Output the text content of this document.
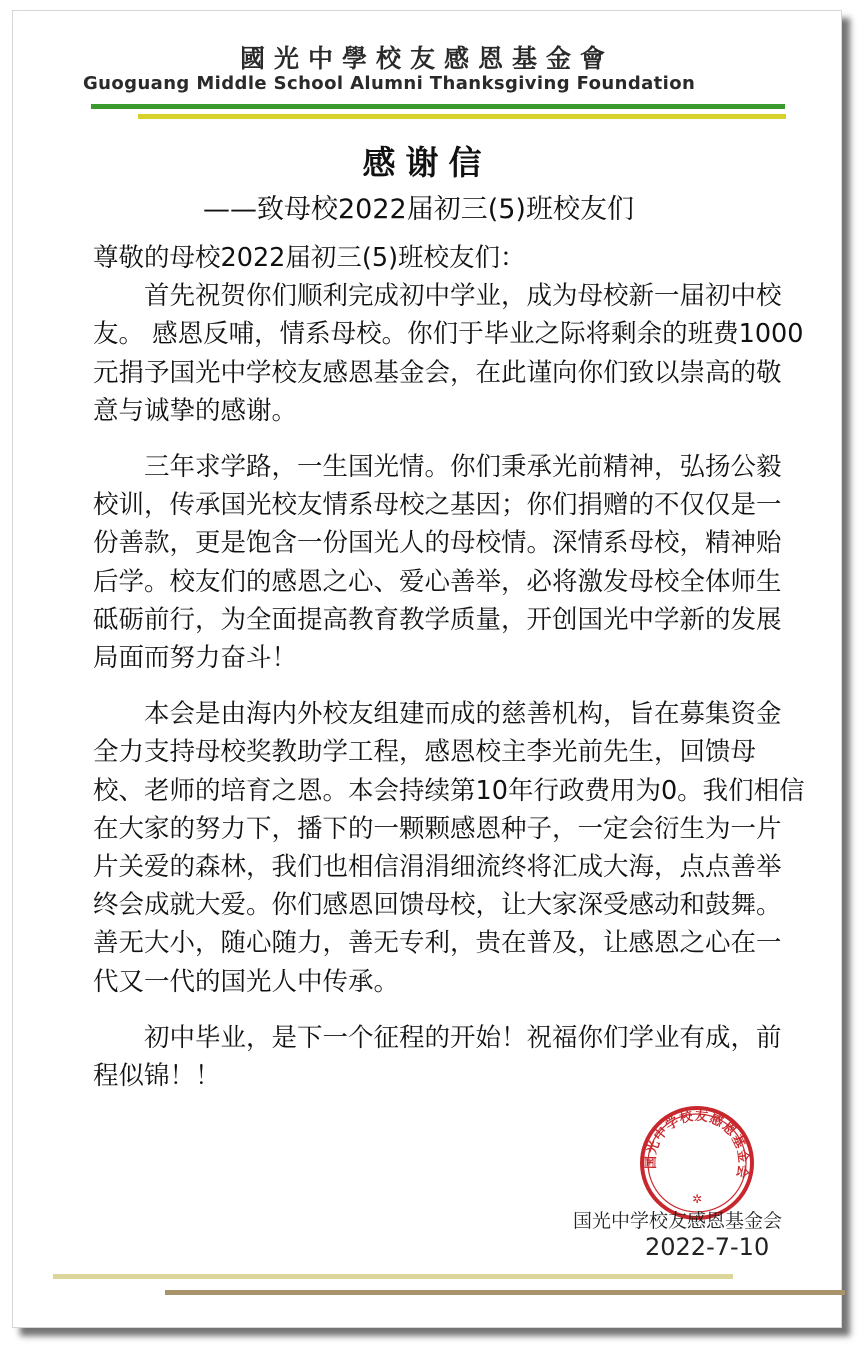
國光中學校友感恩基金會
Guoguang Middle School Alumni Thanksgiving Foundation
感谢信
——致母校2022届初三(5)班校友们

尊敬的母校2022届初三(5)班校友们：

首先祝贺你们顺利完成初中学业，成为母校新一届初中校友。 感恩反哺，情系母校。你们于毕业之际将剩余的班费1000元捐予国光中学校友感恩基金会，在此谨向你们致以崇高的敬意与诚挚的感谢。

三年求学路，一生国光情。你们秉承光前精神，弘扬公毅校训，传承国光校友情系母校之基因；你们捐赠的不仅仅是一份善款，更是饱含一份国光人的母校情。深情系母校，精神贻后学。校友们的感恩之心、爱心善举，必将激发母校全体师生砥砺前行，为全面提高教育教学质量，开创国光中学新的发展局面而努力奋斗！

本会是由海内外校友组建而成的慈善机构，旨在募集资金全力支持母校奖教助学工程，感恩校主李光前先生，回馈母校、老师的培育之恩。本会持续第10年行政费用为0。我们相信在大家的努力下，播下的一颗颗感恩种子，一定会衍生为一片片关爱的森林，我们也相信涓涓细流终将汇成大海，点点善举终会成就大爱。你们感恩回馈母校，让大家深受感动和鼓舞。善无大小，随心随力，善无专利，贵在普及，让感恩之心在一代又一代的国光人中传承。

初中毕业，是下一个征程的开始！祝福你们学业有成，前程似锦！！

国光中学校友感恩基金会
✲
国光中学校友感恩基金会
2022-7-10
